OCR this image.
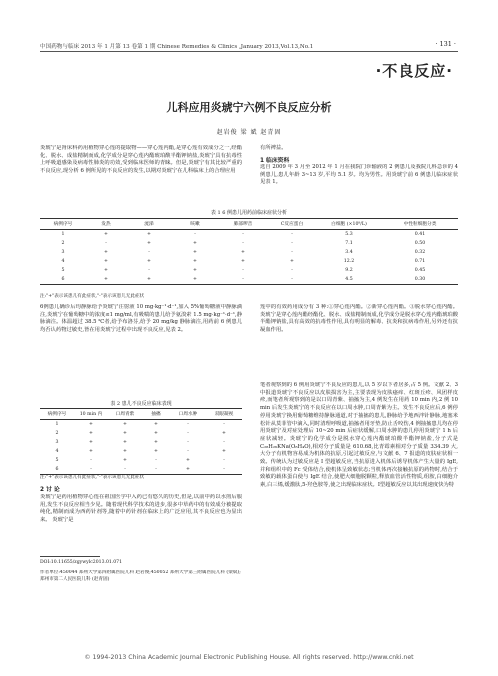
中国药物与临床 2013 年 1 月第 13 卷第 1 期 Chinese Remedies & Clinics ,January 2013,Vol.13,No.1	· 131 ·
·不良反应·
儿科应用炎琥宁六例不良反应分析
赵岩俊 梁 斌 赵青固
炎琥宁是肾床科药用植物穿心莲的提取物——穿心莲内酯,是穿心莲有效成分之一,经酯化、脱水、成盐精制而成,化学成分是穿心莲内酯琥珀酸半酯钾钠盐,炎琥宁具有抗毒性上呼吸道感染及病毒性肺炎的功效,受到临床医师的青睐。但是,炎琥宁有其比较严重的不良反应,现分析 6 例所见的不良反应的发生,以期对炎琥宁在儿科临床上的合理应用
有所裨益。
1 临床资料
选自 2009 年 3 月至 2012 年 1 月在我院门诊输液的 2 例患儿及我院儿科急诊的 4 例患儿,患儿年龄 3~13 岁,平均 5.1 岁。均为男性。用炎琥宁前 6 例患儿临床症状见表 1。
表 1 6 例患儿用药前临床症状分析
病例序号	发热	流涕	咳嗽	肺部啰音	C反应蛋白	白细胞 (×10⁹/L)	中性粒细胞分类
1	+	+	-	-	-	5.3	0.41
2	-	+	+	-	-	7.1	0.50
3	+	-	+	+	-	3.4	0.32
4	+	+	+	+	+	12.2	0.71
5	+	-	+	-	-	9.2	0.45
6	+	+	+	-	-	4.5	0.30
注:"+"表示该患儿有此症状,"-"表示该患儿无此症状
6例患儿确诊后均静脉给予炎琥宁注射液 10 mg·kg⁻¹·d⁻¹,加入 5%葡萄糖液中静脉滴注,炎琥宁在葡萄糖中的浓度≤1 mg/ml,有吸喘的患儿给予氨溴索 1.5 mg·kg⁻¹·d⁻¹,静脉滴注。体温超过 38.5 ℃者,给予布洛芬,给予 20 mg/kg 静脉滴注,用药前 6 例患儿均否认药物过敏史,皆在用炎琥宁过程中出现不良反应,见表 2。
表 2 患儿不良反应临床表现
病例序号	10 min 内	口周青紫	抽搐	口周水肿	双眼凝视
1	+	+	+	-	-
2	+	+	+	-	+
3	+	+	+	-	-
4	+	+	+	-	+
5	-	+	-	+	-
6	-	-	-	+	-
注:"+"表示该患儿有此症状,"-"表示该患儿无此症状
2 讨 论
炎琥宁是药用植物穿心莲在祖国医学中入药已有悠久的历史,但是,以前中药以水煎后服用,发生不良反应相当少见。随着现代科学技术的进步,很多中草药中的有效成分被提取纯化,精制而成为西药针剂等,随着中药针剂在临床上的广泛应用,其不良反应也为显出来。 炎琥宁是
DOI:10.11655/zgywylc2013.01.071
作者单位:450044 郑州大学第四附属医院儿科 赵岩俊;450052 郑州大学第三附属医院儿科 (梁斌);郑州市第二人民医院儿科 (赵青固)
莲中的有效药用成分有 3 种:①穿心莲内酯。②新穿心莲内酯。③脱水穿心莲内酯。炎琥宁是穿心莲内酯经酯化、脱水、成盐精制而成,化学成分是脱水穿心莲内酯琥珀酸半酯钾钠盐,具有高效的抗毒性作用,具有明显的解毒、抗炎和抗病毒作用,另外还有抗凝血作用。
笔者观察到的 6 例用炎琥宁不良反应的患儿,以 5 岁以下者居多,占 5 例。文献 2、3 中报道炎琥宁不良反应以皮肤损害为主,主要表现为皮肤瘙痒、红斑丘疹、风团样皮疹,而笔者所观察到的是以口周青紫、抽搐为主,4 例发生在用药 10 min 内,2 例 10 min 后发生炎琥宁的不良反应在以口周水肿,口周青紫为主。发生不良反应后,6 例停停用炎琥宁换用葡萄糖维持静脉通道,对于抽搐的患儿,静脉给予地西泮针静脉,地塞米松针从莫菲管中滴入,同时清理呼吸道,抽搐者用牙垫,防止舌咬伤,4 例抽搐患儿均在停用炎琥宁及对症处理后 10~20 min 后症状缓解,口周水肿的患儿停用炎琥宁 1 h 后症状减轻。炎琥宁的化学成分是脱水穿心莲内酯琥珀酸半酯钾钠盐,分子式是 C₂₈H₂₆KNa(O₈H₄O),相对分子质量是 610.68,比青霉素相对分子质量 334.39 大,大分子有机物容易成为机体的抗原,引起过敏反应,与文献 6、7 报道的皮肤症状相一致。传统认为过敏反应是 I 型超敏反应,当抗原进入机体后诱导机体产生大量的 IgE,并和组织中的 Fc 受体结合,使机体呈致敏状态;当机体再次接触抗原的药物时,结合于致敏的载体蛋白使与 IgE 结合,使肥大细胞脱颗粒,释放血管活性物质,组胺,白细胞介素,白三烯,缓激肽,5-羟色胺等,使之出现临床症状。Ⅰ型超敏反应以其出现速度快为特
© 1994-2013 China Academic Journal Electronic Publishing House. All rights reserved. http://www.cnki.net
